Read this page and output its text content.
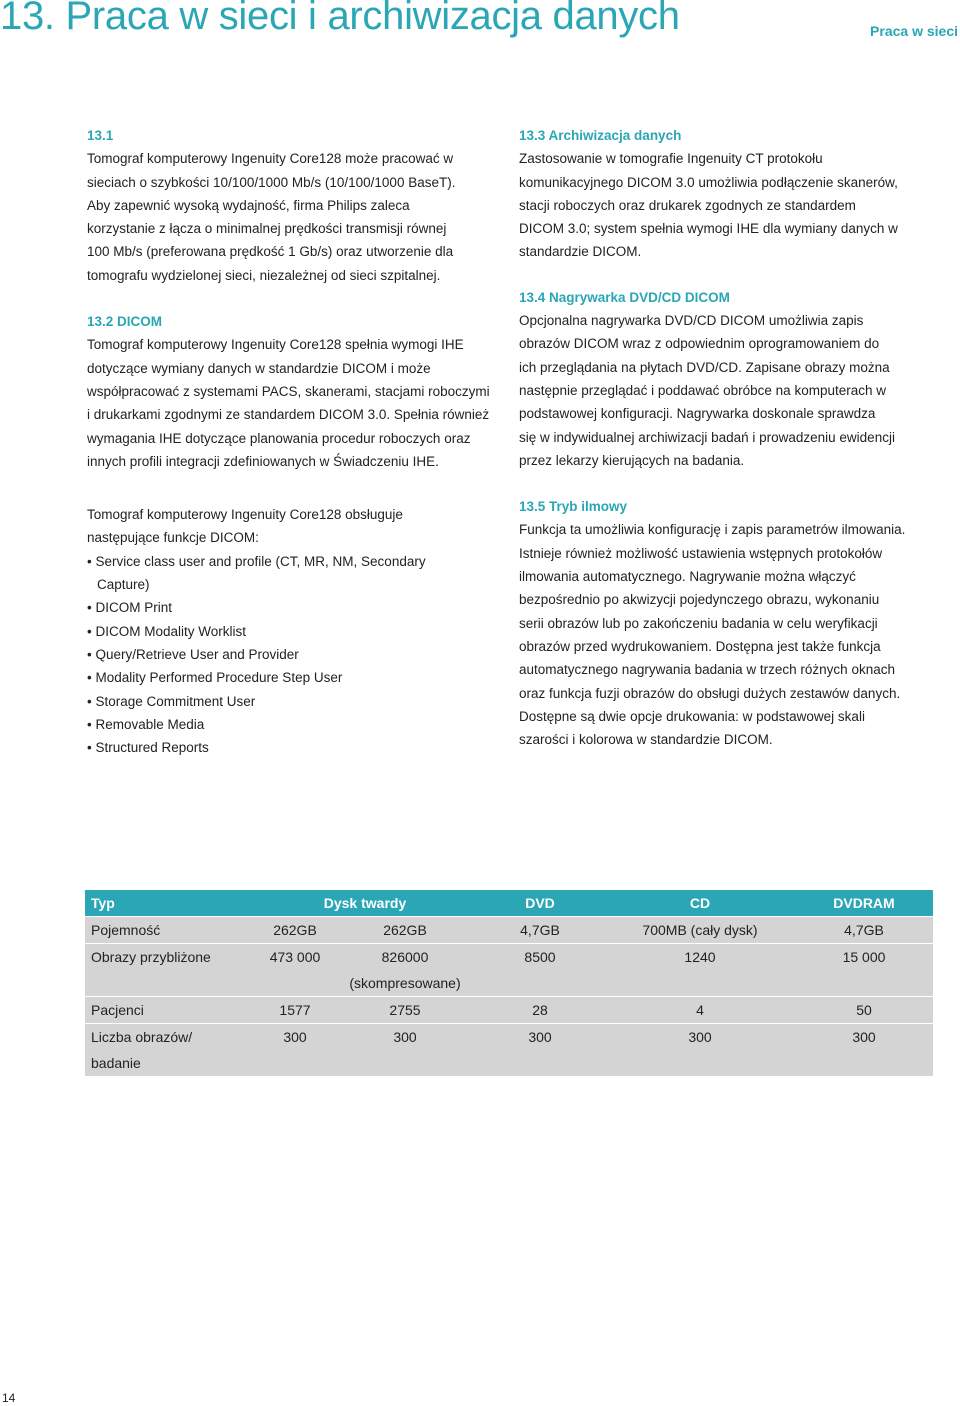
13. Praca w sieci i archiwizacja danych	Praca w sieci

13.1

Tomograf komputerowy Ingenuity Core128 może pracować w

sieciach o szybkości 10/100/1000 Mb/s (10/100/1000 BaseT).

Aby zapewnić wysoką wydajność, firma Philips zaleca

korzystanie z łącza o minimalnej prędkości transmisji równej

100 Mb/s (preferowana prędkość 1 Gb/s) oraz utworzenie dla

tomografu wydzielonej sieci, niezależnej od sieci szpitalnej.

13.2 DICOM

Tomograf komputerowy Ingenuity Core128 spełnia wymogi IHE

dotyczące wymiany danych w standardzie DICOM i może

współpracować z systemami PACS, skanerami, stacjami roboczymi

i drukarkami zgodnymi ze standardem DICOM 3.0. Spełnia również

wymagania IHE dotyczące planowania procedur roboczych oraz

innych profili integracji zdefiniowanych w Świadczeniu IHE.

Tomograf komputerowy Ingenuity Core128 obsługuje

następujące funkcje DICOM:

• Service class user and profile (CT, MR, NM, Secondary

Capture)

• DICOM Print

• DICOM Modality Worklist

• Query/Retrieve User and Provider

• Modality Performed Procedure Step User

• Storage Commitment User

• Removable Media

• Structured Reports

13.3 Archiwizacja danych

Zastosowanie w tomografie Ingenuity CT protokołu

komunikacyjnego DICOM 3.0 umożliwia podłączenie skanerów,

stacji roboczych oraz drukarek zgodnych ze standardem

DICOM 3.0; system spełnia wymogi IHE dla wymiany danych w

standardzie DICOM.

13.4 Nagrywarka DVD/CD DICOM

Opcjonalna nagrywarka DVD/CD DICOM umożliwia zapis

obrazów DICOM wraz z odpowiednim oprogramowaniem do

ich przeglądania na płytach DVD/CD. Zapisane obrazy można

następnie przeglądać i poddawać obróbce na komputerach w

podstawowej konfiguracji. Nagrywarka doskonale sprawdza

się w indywidualnej archiwizacji badań i prowadzeniu ewidencji

przez lekarzy kierujących na badania.

13.5 Tryb ilmowy

Funkcja ta umożliwia konfigurację i zapis parametrów ilmowania.

Istnieje również możliwość ustawienia wstępnych protokołów

ilmowania automatycznego. Nagrywanie można włączyć

bezpośrednio po akwizycji pojedynczego obrazu, wykonaniu

serii obrazów lub po zakończeniu badania w celu weryfikacji

obrazów przed wydrukowaniem. Dostępna jest także funkcja

automatycznego nagrywania badania w trzech różnych oknach

oraz funkcja fuzji obrazów do obsługi dużych zestawów danych.

Dostępne są dwie opcje drukowania: w podstawowej skali

szarości i kolorowa w standardzie DICOM.

Typ	Dysk twardy		DVD	CD	DVDRAM
Pojemność	262GB	262GB	4,7GB	700MB (cały dysk)	4,7GB
Obrazy przybliżone	473 000	826000	8500	1240	15 000
		(skompresowane)			
Pacjenci	1577	2755	28	4	50
Liczba obrazów/	300	300	300	300	300
badanie					
14
